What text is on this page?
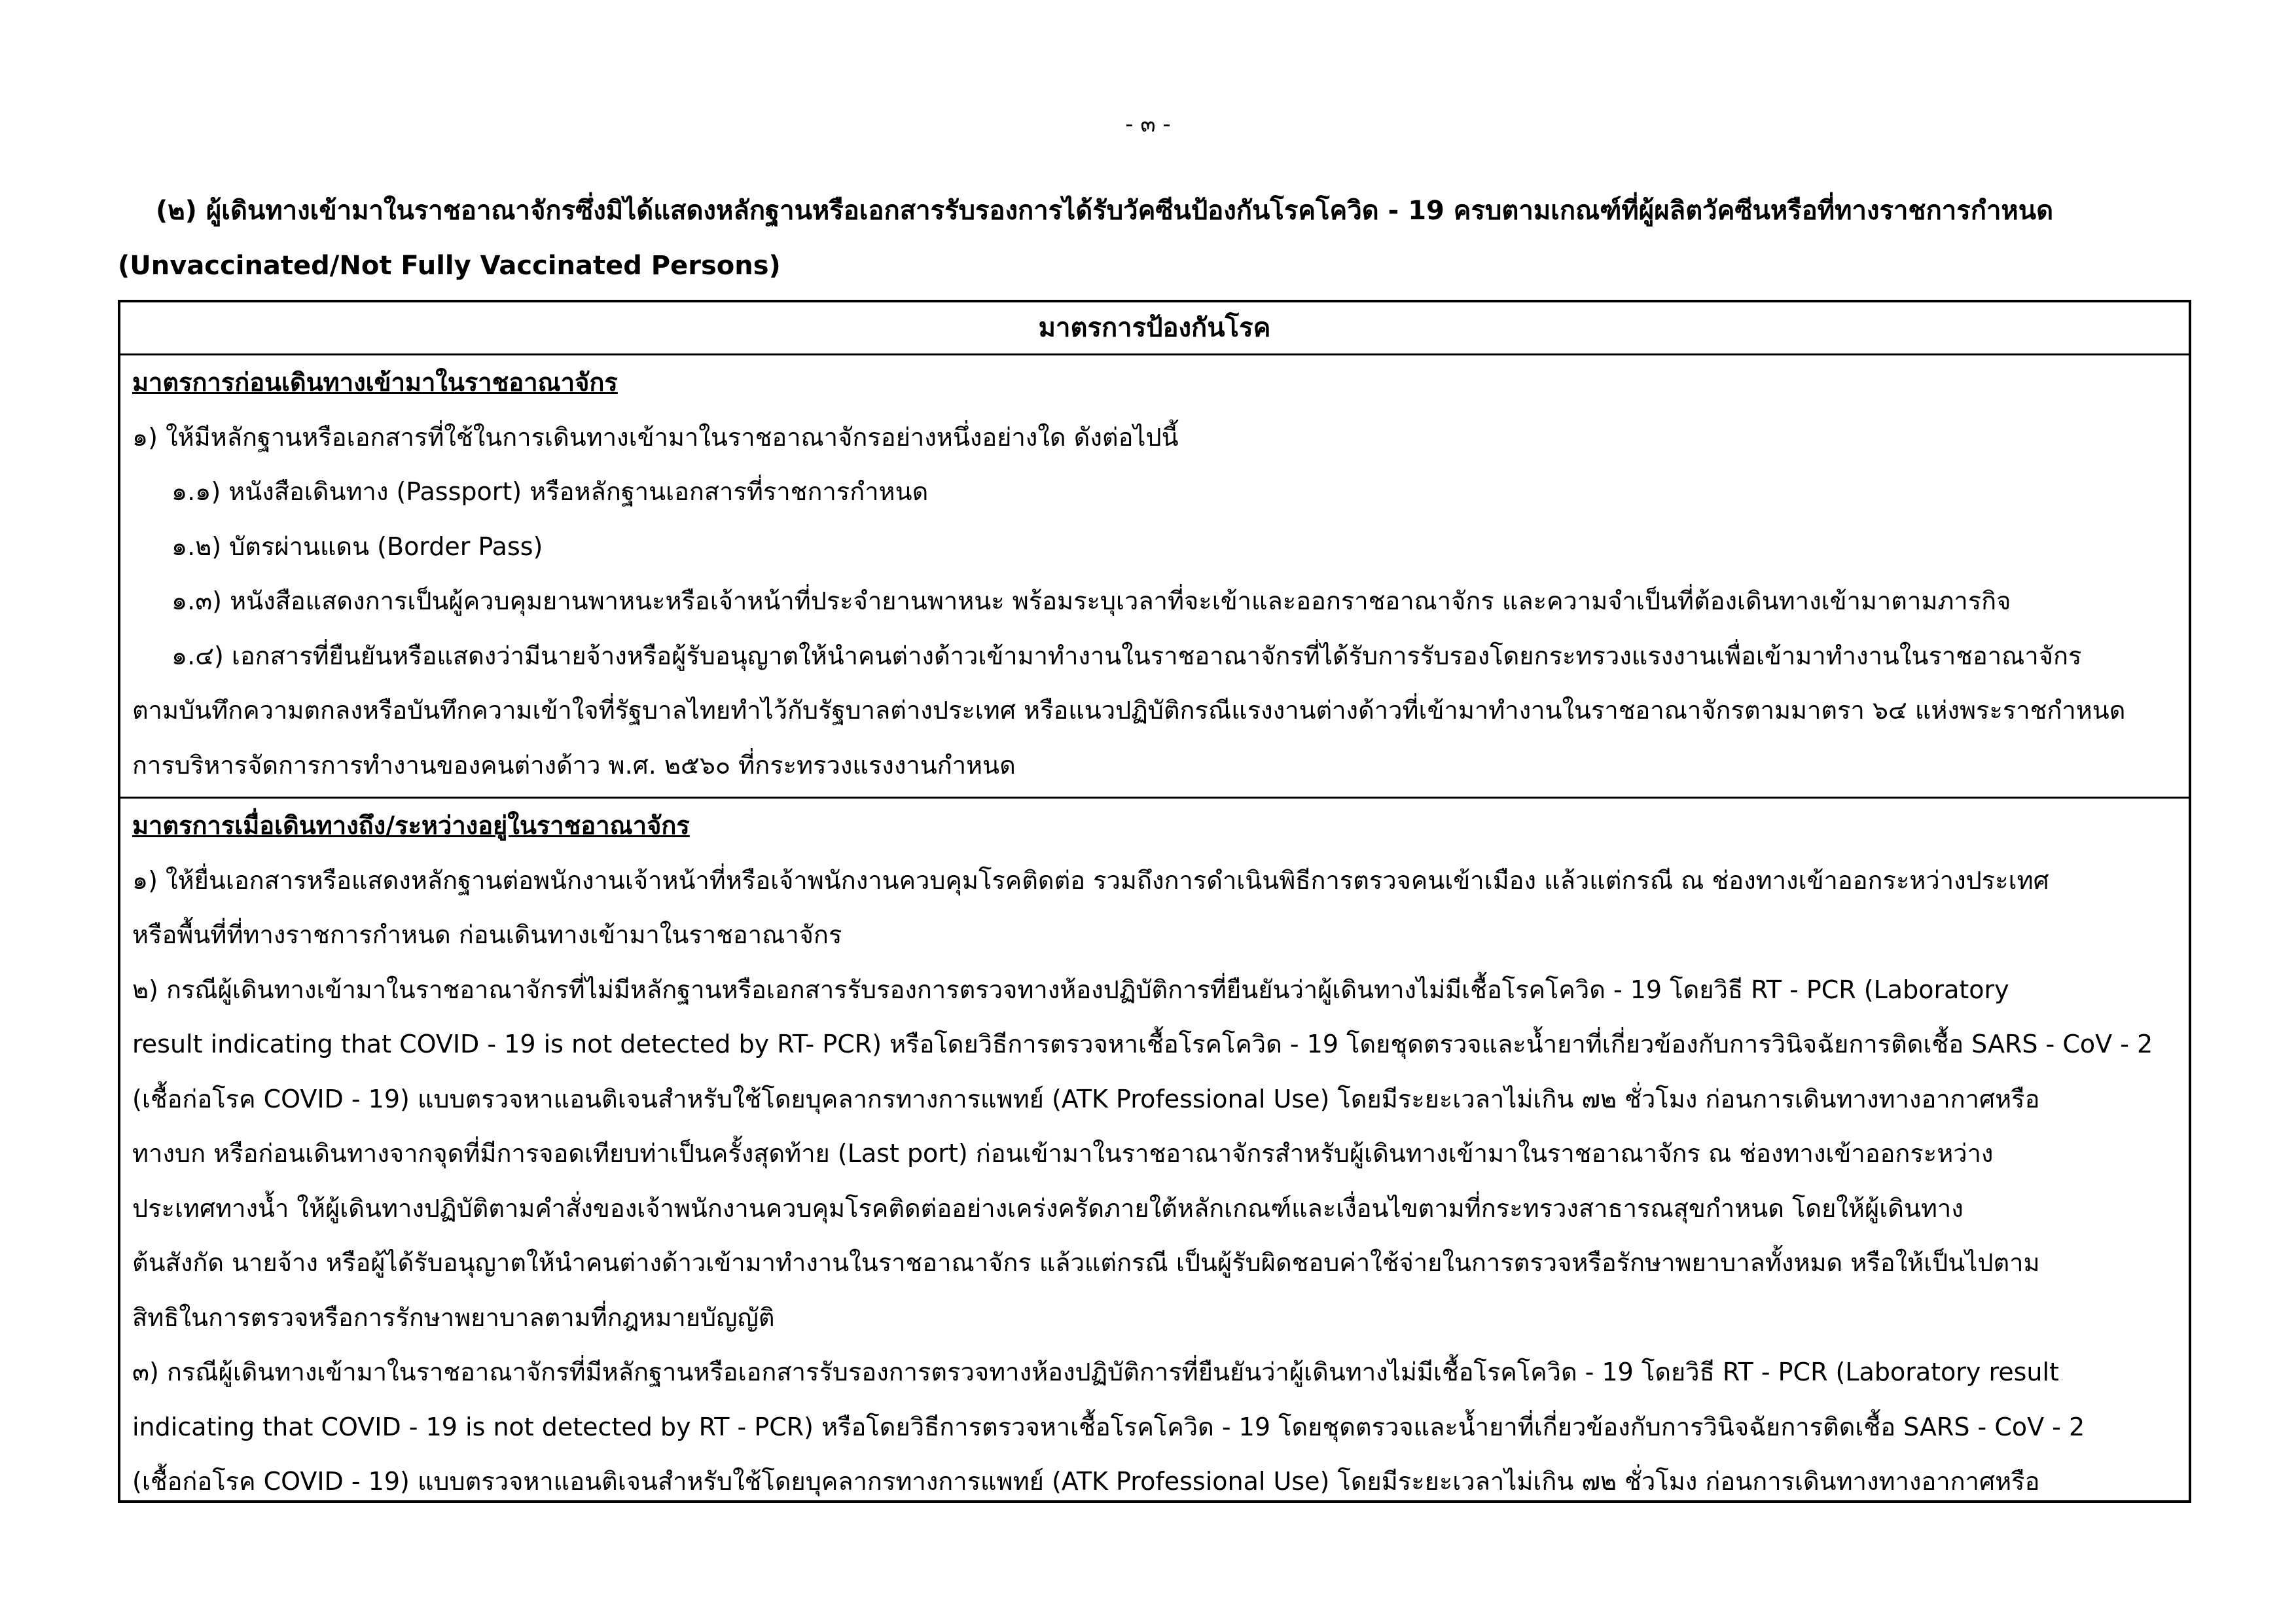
- ๓ -
(๒) ผู้เดินทางเข้ามาในราชอาณาจักรซึ่งมิได้แสดงหลักฐานหรือเอกสารรับรองการได้รับวัคซีนป้องกันโรคโควิด - 19 ครบตามเกณฑ์ที่ผู้ผลิตวัคซีนหรือที่ทางราชการกำหนด
(Unvaccinated/Not Fully Vaccinated Persons)
มาตรการป้องกันโรค
มาตรการก่อนเดินทางเข้ามาในราชอาณาจักร
๑) ให้มีหลักฐานหรือเอกสารที่ใช้ในการเดินทางเข้ามาในราชอาณาจักรอย่างหนึ่งอย่างใด ดังต่อไปนี้
๑.๑) หนังสือเดินทาง (Passport) หรือหลักฐานเอกสารที่ราชการกำหนด
๑.๒) บัตรผ่านแดน (Border Pass)
๑.๓) หนังสือแสดงการเป็นผู้ควบคุมยานพาหนะหรือเจ้าหน้าที่ประจำยานพาหนะ พร้อมระบุเวลาที่จะเข้าและออกราชอาณาจักร และความจำเป็นที่ต้องเดินทางเข้ามาตามภารกิจ
๑.๔) เอกสารที่ยืนยันหรือแสดงว่ามีนายจ้างหรือผู้รับอนุญาตให้นำคนต่างด้าวเข้ามาทำงานในราชอาณาจักรที่ได้รับการรับรองโดยกระทรวงแรงงานเพื่อเข้ามาทำงานในราชอาณาจักร
ตามบันทึกความตกลงหรือบันทึกความเข้าใจที่รัฐบาลไทยทำไว้กับรัฐบาลต่างประเทศ หรือแนวปฏิบัติกรณีแรงงานต่างด้าวที่เข้ามาทำงานในราชอาณาจักรตามมาตรา ๖๔ แห่งพระราชกำหนด
การบริหารจัดการการทำงานของคนต่างด้าว พ.ศ. ๒๕๖๐ ที่กระทรวงแรงงานกำหนด
มาตรการเมื่อเดินทางถึง/ระหว่างอยู่ในราชอาณาจักร
๑) ให้ยื่นเอกสารหรือแสดงหลักฐานต่อพนักงานเจ้าหน้าที่หรือเจ้าพนักงานควบคุมโรคติดต่อ รวมถึงการดำเนินพิธีการตรวจคนเข้าเมือง แล้วแต่กรณี ณ ช่องทางเข้าออกระหว่างประเทศ
หรือพื้นที่ที่ทางราชการกำหนด ก่อนเดินทางเข้ามาในราชอาณาจักร
๒) กรณีผู้เดินทางเข้ามาในราชอาณาจักรที่ไม่มีหลักฐานหรือเอกสารรับรองการตรวจทางห้องปฏิบัติการที่ยืนยันว่าผู้เดินทางไม่มีเชื้อโรคโควิด - 19 โดยวิธี RT - PCR (Laboratory
result indicating that COVID - 19 is not detected by RT- PCR) หรือโดยวิธีการตรวจหาเชื้อโรคโควิด - 19 โดยชุดตรวจและน้ำยาที่เกี่ยวข้องกับการวินิจฉัยการติดเชื้อ SARS - CoV - 2
(เชื้อก่อโรค COVID - 19) แบบตรวจหาแอนติเจนสำหรับใช้โดยบุคลากรทางการแพทย์ (ATK Professional Use) โดยมีระยะเวลาไม่เกิน ๗๒ ชั่วโมง ก่อนการเดินทางทางอากาศหรือ
ทางบก หรือก่อนเดินทางจากจุดที่มีการจอดเทียบท่าเป็นครั้งสุดท้าย (Last port) ก่อนเข้ามาในราชอาณาจักรสำหรับผู้เดินทางเข้ามาในราชอาณาจักร ณ ช่องทางเข้าออกระหว่าง
ประเทศทางน้ำ ให้ผู้เดินทางปฏิบัติตามคำสั่งของเจ้าพนักงานควบคุมโรคติดต่ออย่างเคร่งครัดภายใต้หลักเกณฑ์และเงื่อนไขตามที่กระทรวงสาธารณสุขกำหนด โดยให้ผู้เดินทาง
ต้นสังกัด นายจ้าง หรือผู้ได้รับอนุญาตให้นำคนต่างด้าวเข้ามาทำงานในราชอาณาจักร แล้วแต่กรณี เป็นผู้รับผิดชอบค่าใช้จ่ายในการตรวจหรือรักษาพยาบาลทั้งหมด หรือให้เป็นไปตาม
สิทธิในการตรวจหรือการรักษาพยาบาลตามที่กฎหมายบัญญัติ
๓) กรณีผู้เดินทางเข้ามาในราชอาณาจักรที่มีหลักฐานหรือเอกสารรับรองการตรวจทางห้องปฏิบัติการที่ยืนยันว่าผู้เดินทางไม่มีเชื้อโรคโควิด - 19 โดยวิธี RT - PCR (Laboratory result
indicating that COVID - 19 is not detected by RT - PCR) หรือโดยวิธีการตรวจหาเชื้อโรคโควิด - 19 โดยชุดตรวจและน้ำยาที่เกี่ยวข้องกับการวินิจฉัยการติดเชื้อ SARS - CoV - 2
(เชื้อก่อโรค COVID - 19) แบบตรวจหาแอนติเจนสำหรับใช้โดยบุคลากรทางการแพทย์ (ATK Professional Use) โดยมีระยะเวลาไม่เกิน ๗๒ ชั่วโมง ก่อนการเดินทางทางอากาศหรือ
